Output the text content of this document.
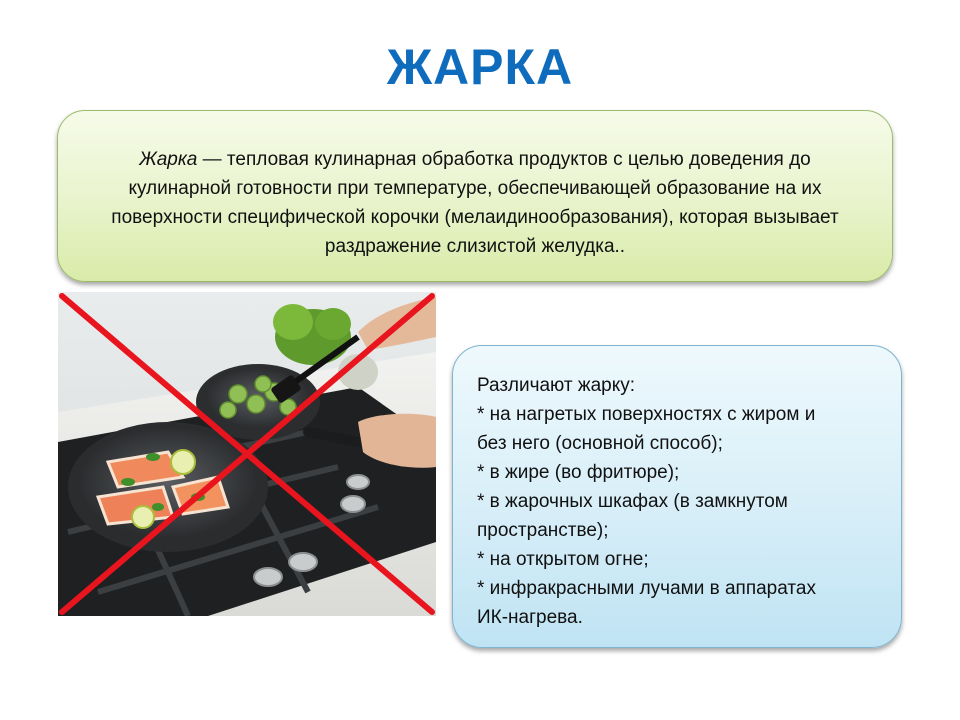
ЖАРКА
Жарка — тепловая кулинарная обработка продуктов с целью доведения до кулинарной готовности при температуре, обеспечивающей образование на их поверхности специфической корочки (мелаидинообразования), которая вызывает раздражение слизистой желудка..
Различают жарку:
* на нагретых поверхностях с жиром и
без него (основной способ);
* в жире (во фритюре);
* в жарочных шкафах (в замкнутом
пространстве);
* на открытом огне;
* инфракрасными лучами в аппаратах
ИК-нагрева.
